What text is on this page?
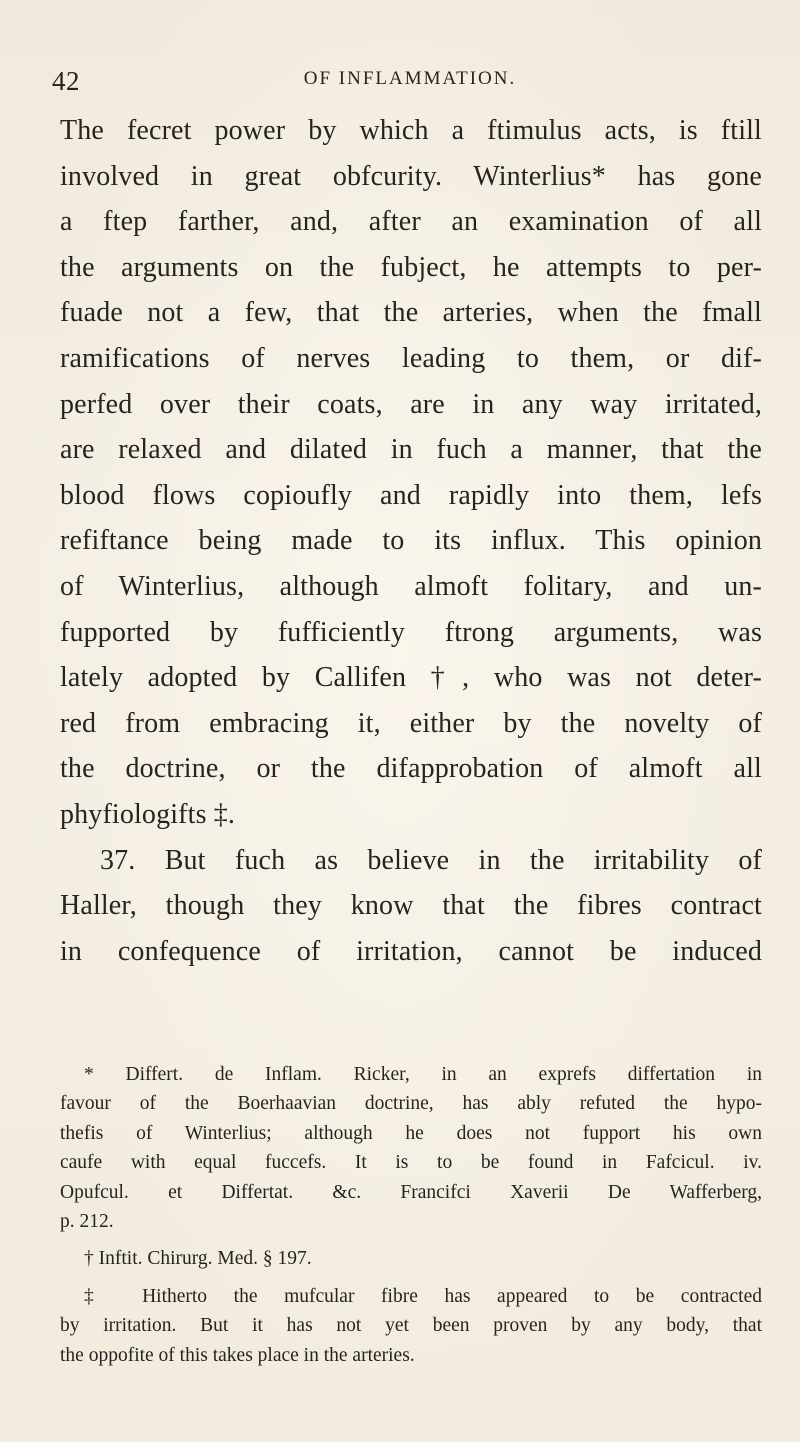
42	OF INFLAMMATION.
The fecret power by which a ftimulus acts, is ftill
involved in great obfcurity. Winterlius* has gone
a ftep farther, and, after an examination of all
the arguments on the fubject, he attempts to per-
fuade not a few, that the arteries, when the fmall
ramifications of nerves leading to them, or dif-
perfed over their coats, are in any way irritated,
are relaxed and dilated in fuch a manner, that the
blood flows copioufly and rapidly into them, lefs
refiftance being made to its influx. This opinion
of Winterlius, although almoft folitary, and un-
fupported by fufficiently ftrong arguments, was
lately adopted by Callifen †, who was not deter-
red from embracing it, either by the novelty of
the doctrine, or the difapprobation of almoft all
phyfiologifts ‡.
37. But fuch as believe in the irritability of
Haller, though they know that the fibres contract
in confequence of irritation, cannot be induced
* Differt. de Inflam. Ricker, in an exprefs differtation in
favour of the Boerhaavian doctrine, has ably refuted the hypo-
thefis of Winterlius; although he does not fupport his own
caufe with equal fuccefs. It is to be found in Fafcicul. iv.
Opufcul. et Differtat. &c. Francifci Xaverii De Wafferberg,
p. 212.
† Inftit. Chirurg. Med. § 197.
‡ Hitherto the mufcular fibre has appeared to be contracted
by irritation. But it has not yet been proven by any body, that
the oppofite of this takes place in the arteries.
